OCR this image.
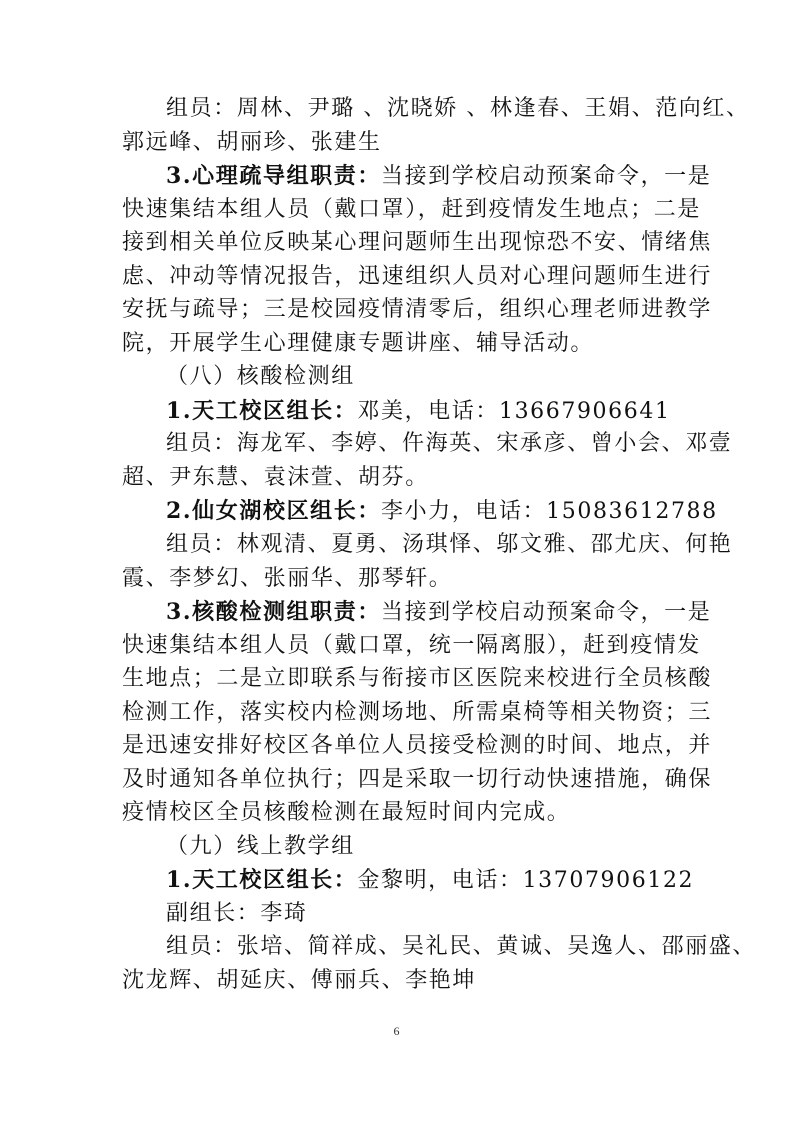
组员：周林、尹璐 、沈晓娇 、林逢春、王娟、范向红、
郭远峰、胡丽珍、张建生
3.心理疏导组职责：当接到学校启动预案命令，一是
快速集结本组人员（戴口罩），赶到疫情发生地点；二是
接到相关单位反映某心理问题师生出现惊恐不安、情绪焦
虑、冲动等情况报告，迅速组织人员对心理问题师生进行
安抚与疏导；三是校园疫情清零后，组织心理老师进教学
院，开展学生心理健康专题讲座、辅导活动。
（八）核酸检测组
1.天工校区组长：邓美，电话：13667906641
组员：海龙军、李婷、仵海英、宋承彦、曾小会、邓壹
超、尹东慧、袁沫萱、胡芬。
2.仙女湖校区组长：李小力，电话：15083612788
组员：林观清、夏勇、汤琪怿、邬文雅、邵尤庆、何艳
霞、李梦幻、张丽华、那琴轩。
3.核酸检测组职责：当接到学校启动预案命令，一是
快速集结本组人员（戴口罩，统一隔离服），赶到疫情发
生地点；二是立即联系与衔接市区医院来校进行全员核酸
检测工作，落实校内检测场地、所需桌椅等相关物资；三
是迅速安排好校区各单位人员接受检测的时间、地点，并
及时通知各单位执行；四是采取一切行动快速措施，确保
疫情校区全员核酸检测在最短时间内完成。
（九）线上教学组
1.天工校区组长：金黎明，电话：13707906122
副组长：李琦
组员：张培、简祥成、吴礼民、黄诚、吴逸人、邵丽盛、
沈龙辉、胡延庆、傅丽兵、李艳坤
6
